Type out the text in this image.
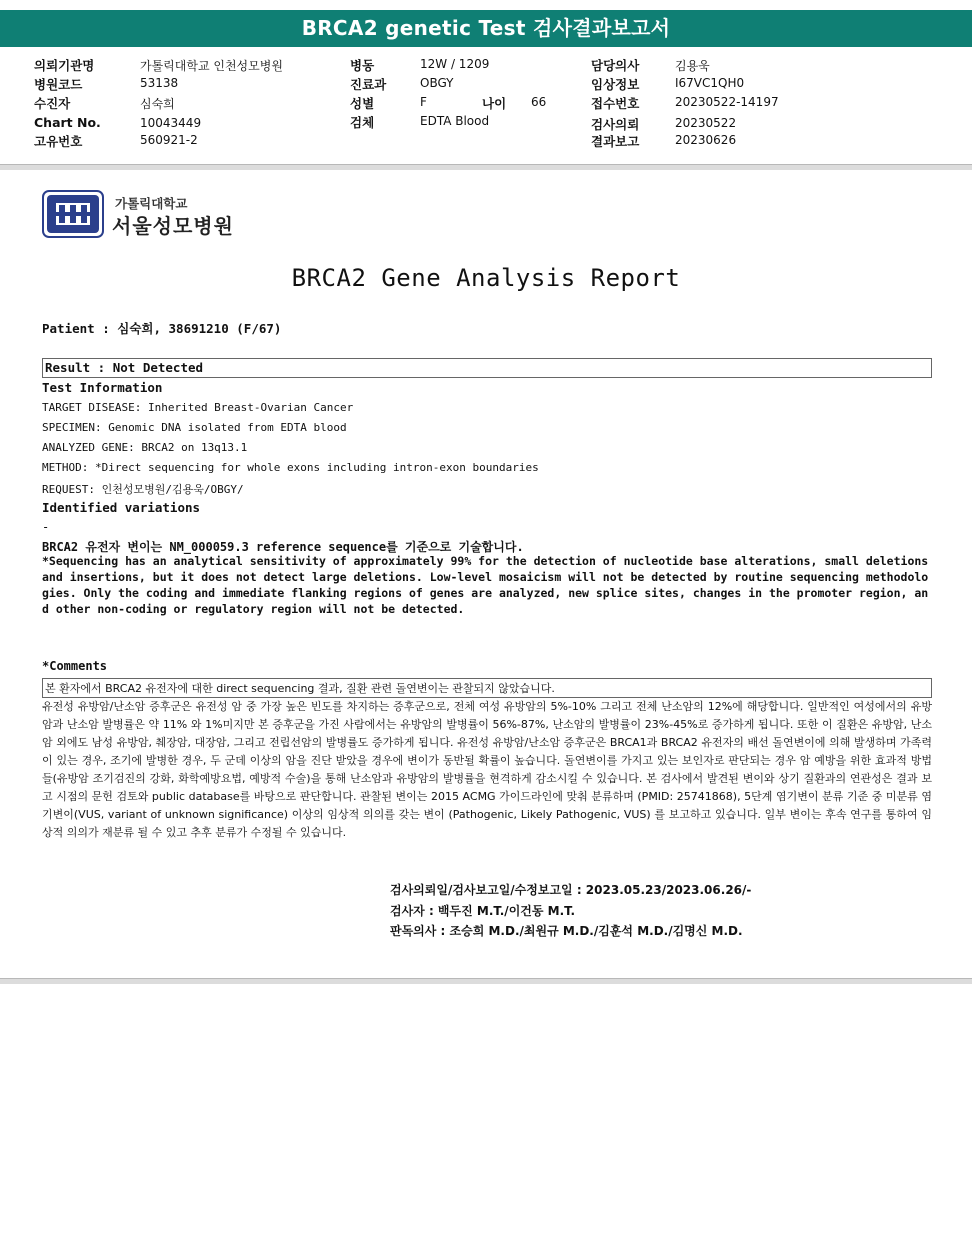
BRCA2 genetic Test 검사결과보고서
의뢰기관명	가톨릭대학교 인천성모병원
병원코드	53138
수진자	심숙희
Chart No.	10043449
고유번호	560921-2
병동	12W / 1209
진료과	OBGY
성별	F	나이 66
검체	EDTA Blood
담당의사	김용욱
임상정보	I67VC1QH0
접수번호	20230522-14197
검사의뢰	20230522
결과보고	20230626
가톨릭대학교
서울성모병원
BRCA2 Gene Analysis Report
Patient : 심숙희, 38691210 (F/67)
Result : Not Detected
Test Information
TARGET DISEASE: Inherited Breast-Ovarian Cancer
SPECIMEN: Genomic DNA isolated from EDTA blood
ANALYZED GENE: BRCA2 on 13q13.1
METHOD: *Direct sequencing for whole exons including intron-exon boundaries
REQUEST: 인천성모병원/김용욱/OBGY/
Identified variations
-
BRCA2 유전자 변이는 NM_000059.3 reference sequence를 기준으로 기술합니다.
*Sequencing has an analytical sensitivity of approximately 99% for the detection of nucleotide base alterations, small deletions and insertions, but it does not detect large deletions. Low-level mosaicism will not be detected by routine sequencing methodologies. Only the coding and immediate flanking regions of genes are analyzed, new splice sites, changes in the promoter region, and other non-coding or regulatory region will not be detected.
*Comments
본 환자에서 BRCA2 유전자에 대한 direct sequencing 결과, 질환 관련 돌연변이는 관찰되지 않았습니다.
유전성 유방암/난소암 증후군은 유전성 암 중 가장 높은 빈도를 차지하는 증후군으로, 전체 여성 유방암의 5%-10% 그리고 전체 난소암의 12%에 해당합니다. 일반적인 여성에서의 유방암과 난소암 발병률은 약 11% 와 1%미지만 본 증후군을 가진 사람에서는 유방암의 발병률이 56%-87%, 난소암의 발병률이 23%-45%로 증가하게 됩니다. 또한 이 질환은 유방암, 난소암 외에도 남성 유방암, 췌장암, 대장암, 그리고 전립선암의 발병률도 증가하게 됩니다. 유전성 유방암/난소암 증후군은 BRCA1과 BRCA2 유전자의 배선 돌연변이에 의해 발생하며 가족력이 있는 경우, 조기에 발병한 경우, 두 군데 이상의 암을 진단 받았을 경우에 변이가 동반될 확률이 높습니다. 돌연변이를 가지고 있는 보인자로 판단되는 경우 암 예방을 위한 효과적 방법들(유방암 조기검진의 강화, 화학예방요법, 예방적 수술)을 통해 난소암과 유방암의 발병률을 현격하게 감소시킬 수 있습니다. 본 검사에서 발견된 변이와 상기 질환과의 연관성은 결과 보고 시점의 문헌 검토와 public database를 바탕으로 판단합니다. 관찰된 변이는 2015 ACMG 가이드라인에 맞춰 분류하며 (PMID: 25741868), 5단계 염기변이 분류 기준 중 미분류 염기변이(VUS, variant of unknown significance) 이상의 임상적 의의를 갖는 변이 (Pathogenic, Likely Pathogenic, VUS) 를 보고하고 있습니다. 일부 변이는 후속 연구를 통하여 임상적 의의가 재분류 될 수 있고 추후 분류가 수정될 수 있습니다.
검사의뢰일/검사보고일/수정보고일 : 2023.05.23/2023.06.26/-
검사자 : 백두진 M.T./이건동 M.T.
판독의사 : 조승희 M.D./최원규 M.D./김훈석 M.D./김명신 M.D.
